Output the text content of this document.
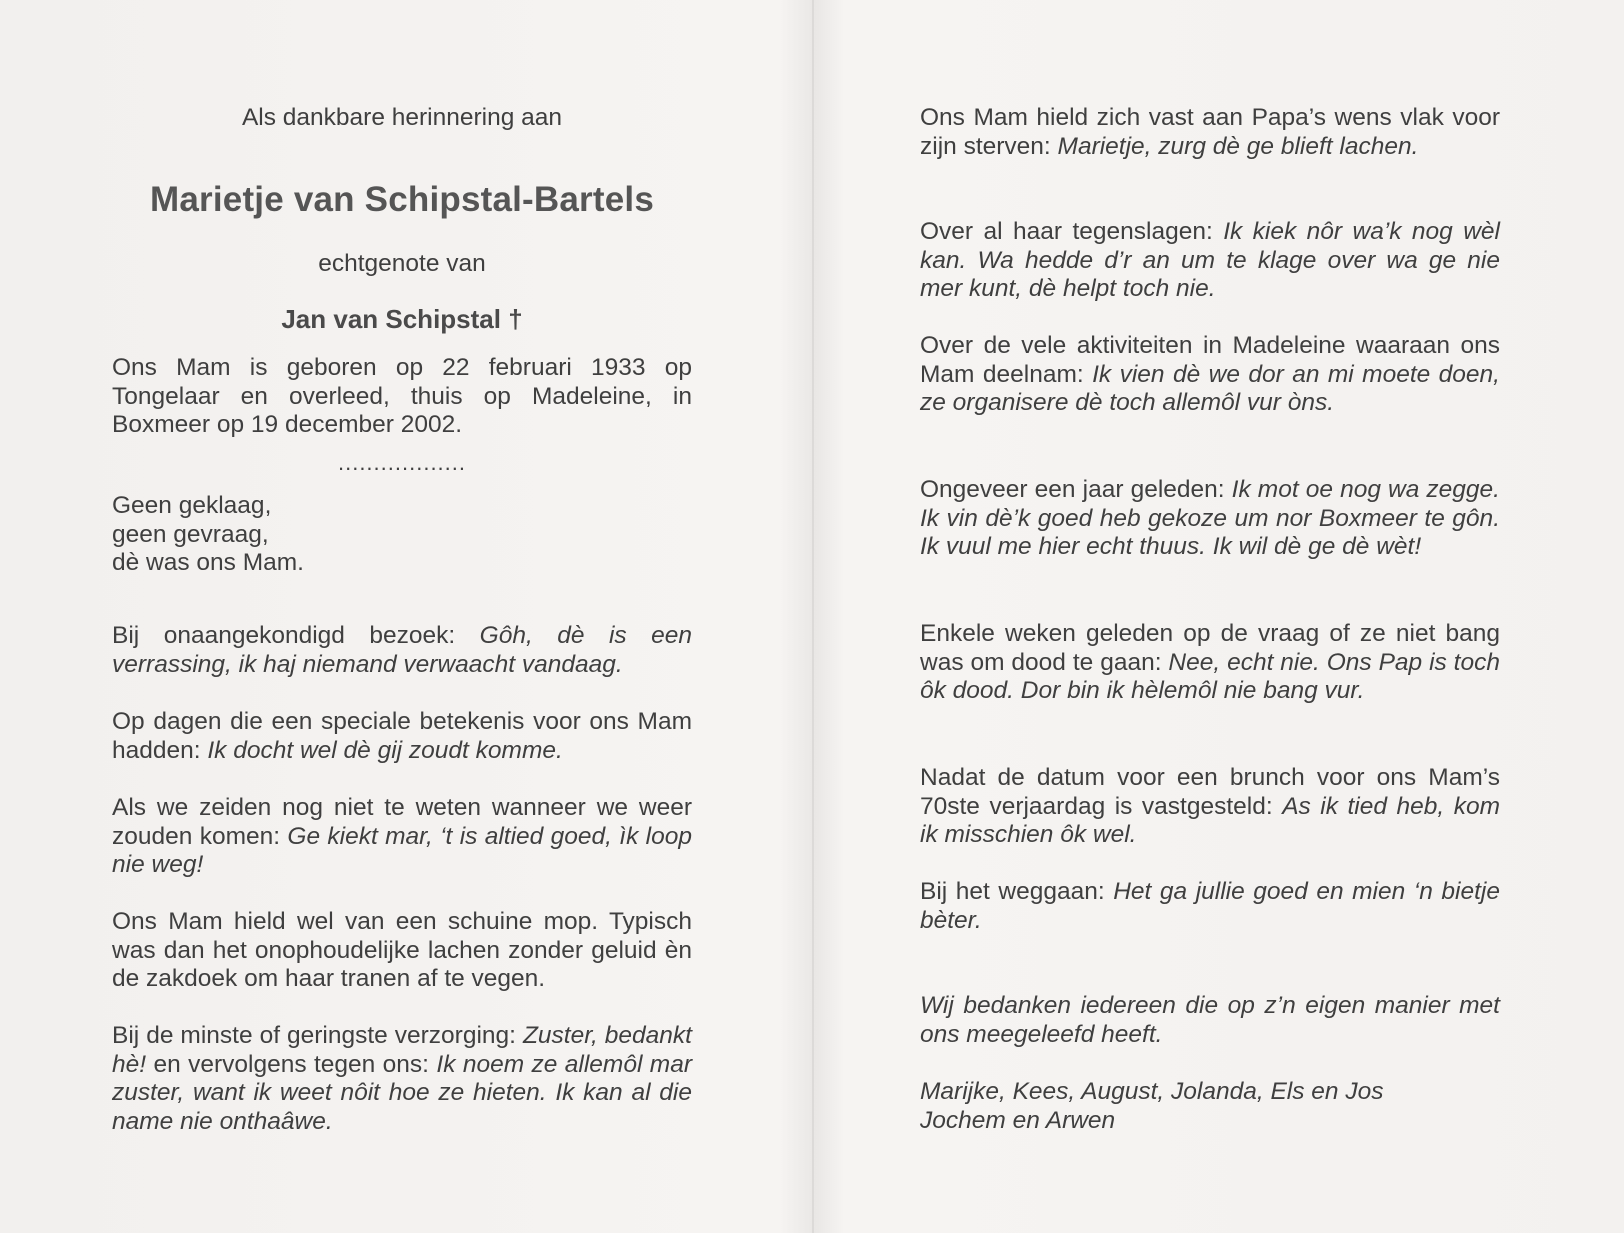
Als dankbare herinnering aan
Marietje van Schipstal-Bartels
echtgenote van
Jan van Schipstal †
Ons Mam is geboren op 22 februari 1933 op
Tongelaar en overleed, thuis op Madeleine, in
Boxmeer op 19 december 2002.
..................
Geen geklaag,
geen gevraag,
dè was ons Mam.
Bij onaangekondigd bezoek: Gôh, dè is een verrassing, ik haj niemand verwaacht vandaag.
Op dagen die een speciale betekenis voor ons Mam hadden: Ik docht wel dè gij zoudt komme.
Als we zeiden nog niet te weten wanneer we weer zouden komen: Ge kiekt mar, ‘t is altied goed, ìk loop nie weg!
Ons Mam hield wel van een schuine mop. Typisch was dan het onophoudelijke lachen zonder geluid èn de zakdoek om haar tranen af te vegen.
Bij de minste of geringste verzorging: Zuster, bedankt hè! en vervolgens tegen ons: Ik noem ze allemôl mar zuster, want ik weet nôit hoe ze hieten. Ik kan al die name nie onthaâwe.
Ons Mam hield zich vast aan Papa’s wens vlak voor zijn sterven: Marietje, zurg dè ge blieft lachen.
Over al haar tegenslagen: Ik kiek nôr wa’k nog wèl kan. Wa hedde d’r an um te klage over wa ge nie mer kunt, dè helpt toch nie.
Over de vele aktiviteiten in Madeleine waaraan ons Mam deelnam: Ik vien dè we dor an mi moete doen, ze organisere dè toch allemôl vur òns.
Ongeveer een jaar geleden: Ik mot oe nog wa zegge. Ik vin dè’k goed heb gekoze um nor Boxmeer te gôn. Ik vuul me hier echt thuus. Ik wil dè ge dè wèt!
Enkele weken geleden op de vraag of ze niet bang was om dood te gaan: Nee, echt nie. Ons Pap is toch ôk dood. Dor bin ik hèlemôl nie bang vur.
Nadat de datum voor een brunch voor ons Mam’s 70ste verjaardag is vastgesteld: As ik tied heb, kom ik misschien ôk wel.
Bij het weggaan: Het ga jullie goed en mien ‘n bietje bèter.
Wij bedanken iedereen die op z’n eigen manier met ons meegeleefd heeft.
Marijke, Kees, August, Jolanda, Els en Jos
Jochem en Arwen
